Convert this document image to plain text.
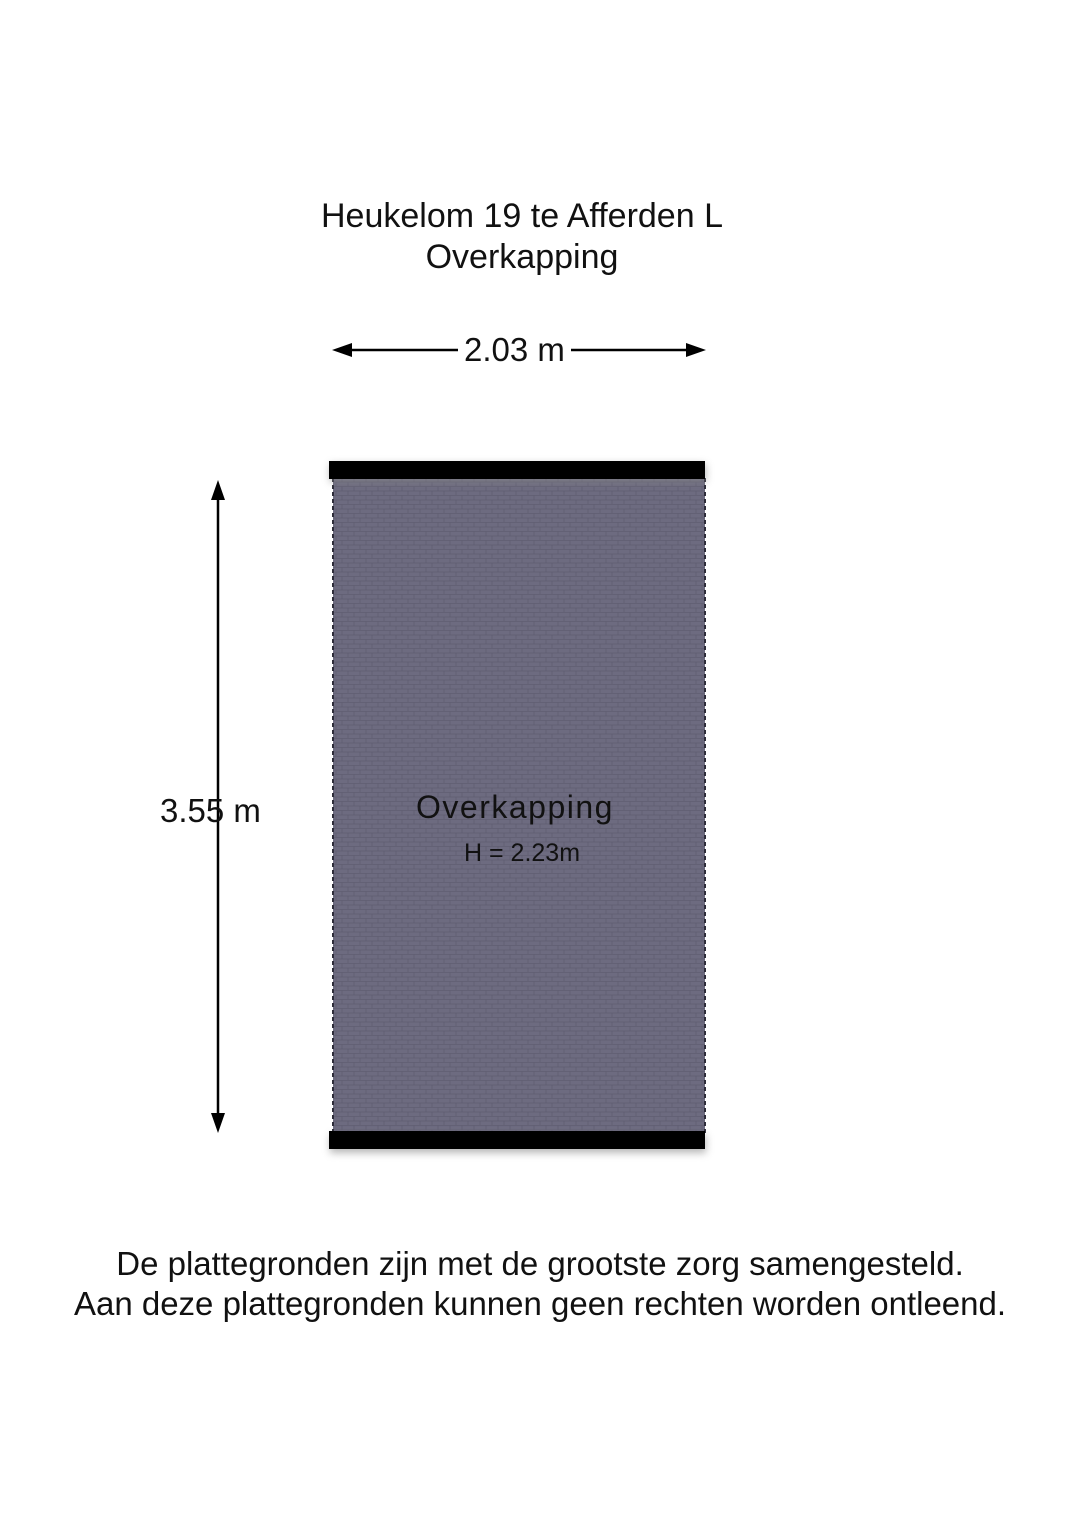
Heukelom 19 te Afferden L
Overkapping
2.03 m
3.55 m	Overkapping
H = 2.23m
De plattegronden zijn met de grootste zorg samengesteld.
Aan deze plattegronden kunnen geen rechten worden ontleend.
